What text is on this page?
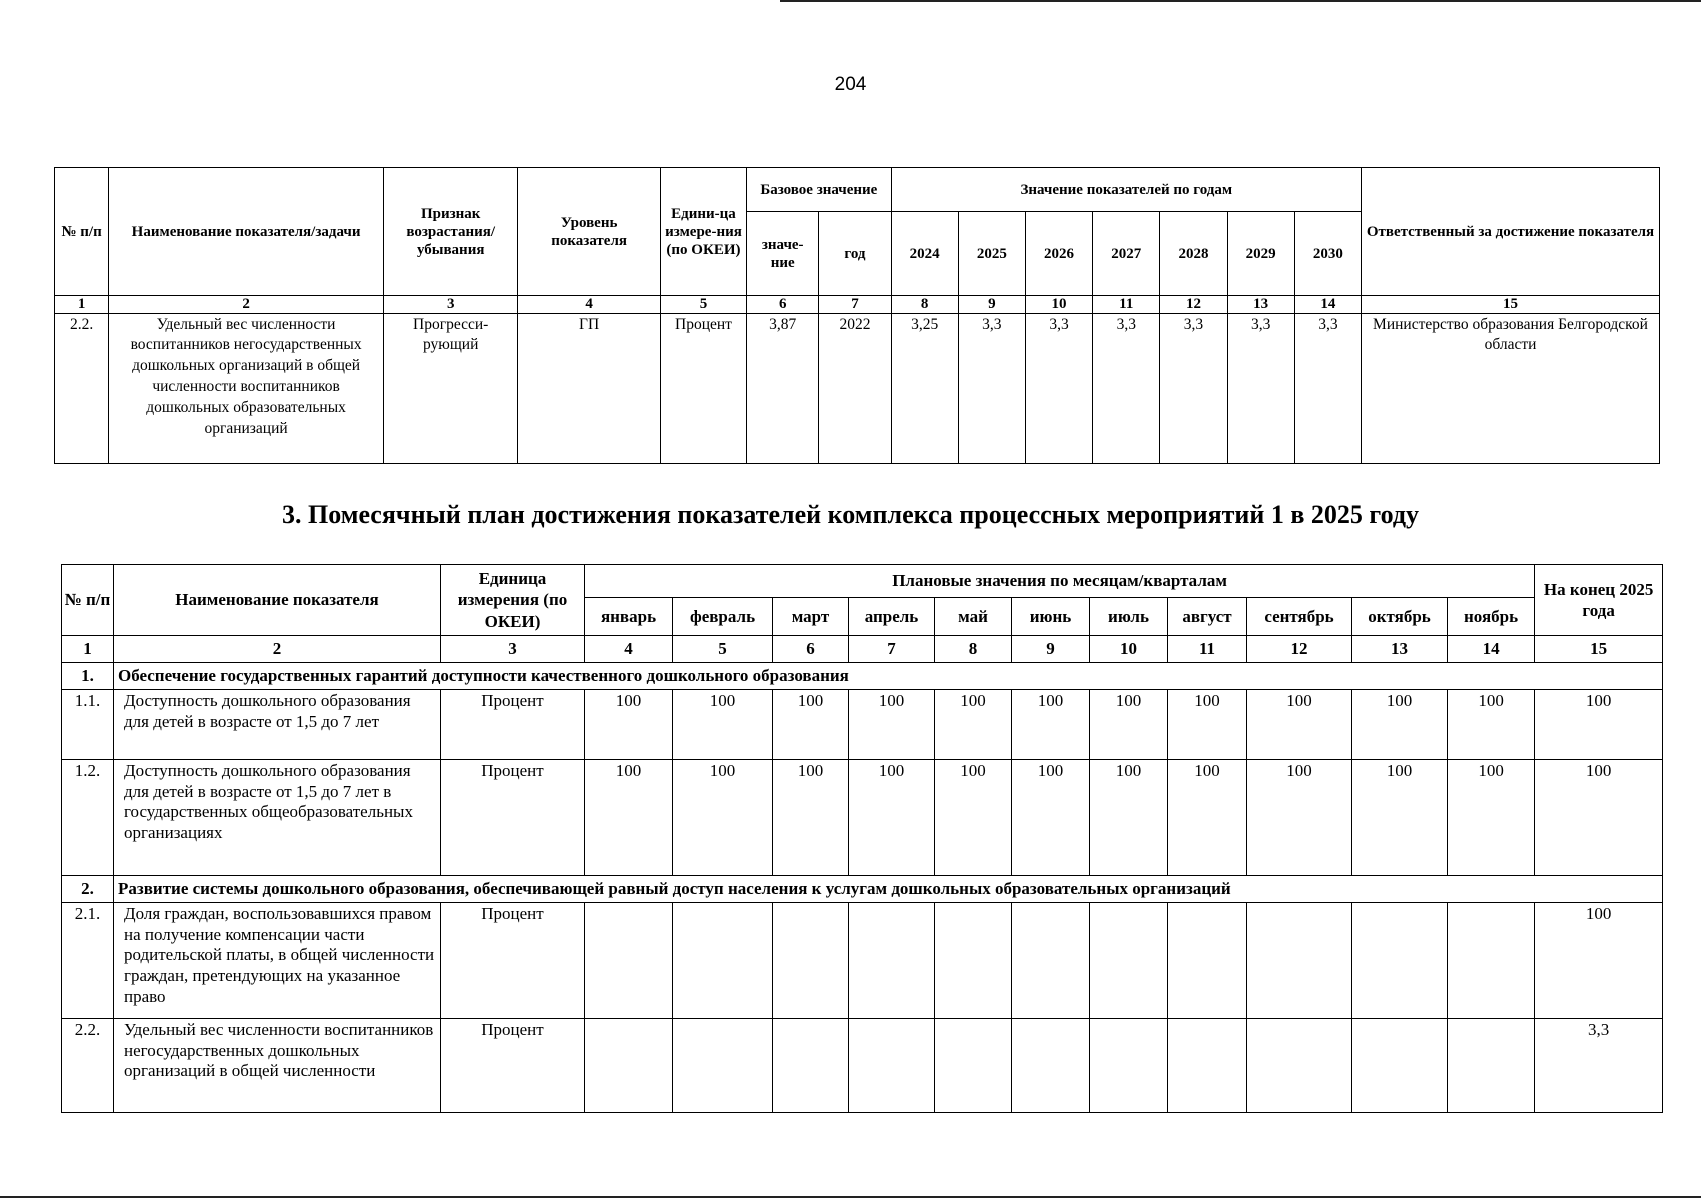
204
№ п/п	Наименование показателя/задачи	Признак возрастания/ убывания	Уровень показателя	Едини-ца измере-ния (по ОКЕИ)	Базовое значение		Значение показателей по годам							Ответственный за достижение показателя
					значе-ние	год	2024	2025	2026	2027	2028	2029	2030	
1	2	3	4	5	6	7	8	9	10	11	12	13	14	15
2.2.	Удельный вес численности воспитанников негосударственных дошкольных организаций в общей численности воспитанников дошкольных образовательных организаций	Прогресси-рующий	ГП	Процент	3,87	2022	3,25	3,3	3,3	3,3	3,3	3,3	3,3	Министерство образования Белгородской области
3. Помесячный план достижения показателей комплекса процессных мероприятий 1 в 2025 году
№ п/п	Наименование показателя	Единица измерения (по ОКЕИ)	Плановые значения по месяцам/кварталам											На конец 2025 года
			январь	февраль	март	апрель	май	июнь	июль	август	сентябрь	октябрь	ноябрь	
1	2	3	4	5	6	7	8	9	10	11	12	13	14	15
1.	Обеспечение государственных гарантий доступности качественного дошкольного образования													
1.1.	Доступность дошкольного образования для детей в возрасте от 1,5 до 7 лет	Процент	100	100	100	100	100	100	100	100	100	100	100	100
1.2.	Доступность дошкольного образования для детей в возрасте от 1,5 до 7 лет в государственных общеобразовательных организациях	Процент	100	100	100	100	100	100	100	100	100	100	100	100
2.	Развитие системы дошкольного образования, обеспечивающей равный доступ населения к услугам дошкольных образовательных организаций													
2.1.	Доля граждан, воспользовавшихся правом на получение компенсации части родительской платы, в общей численности граждан, претендующих на указанное право	Процент												100
2.2.	Удельный вес численности воспитанников негосударственных дошкольных организаций в общей численности	Процент												3,3
